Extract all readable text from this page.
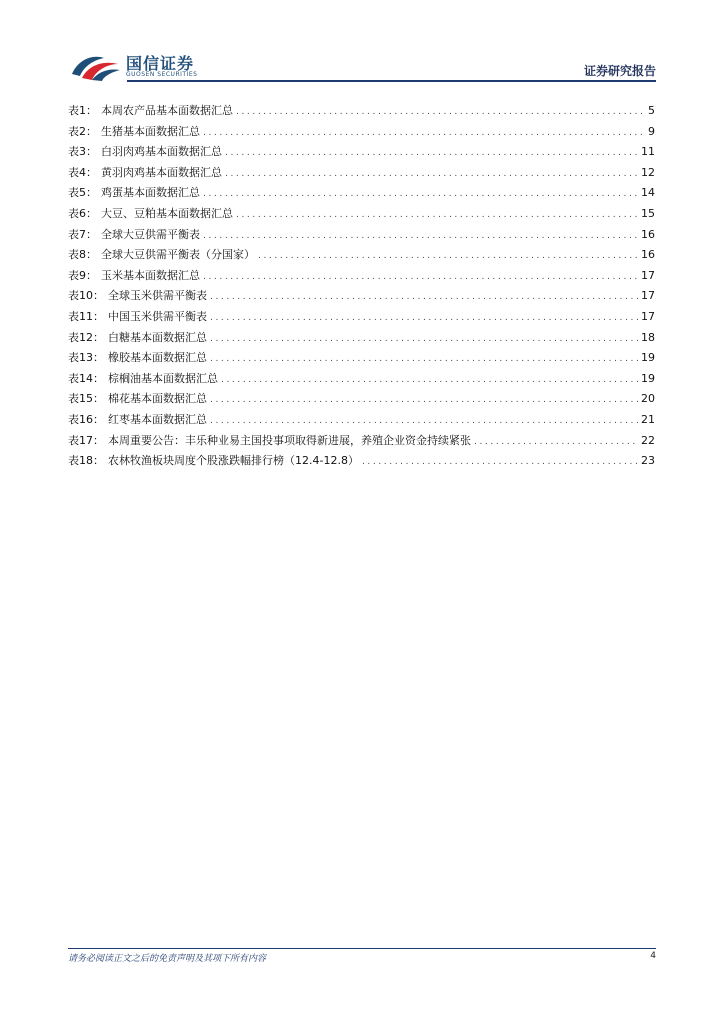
国信证券
GUOSEN SECURITIES	证券研究报告
表1： 本周农产品基本面数据汇总 .....	5
表2： 生猪基本面数据汇总 .....	9
表3： 白羽肉鸡基本面数据汇总 .....	11
表4： 黄羽肉鸡基本面数据汇总 .....	12
表5： 鸡蛋基本面数据汇总 .....	14
表6： 大豆、豆粕基本面数据汇总 .....	15
表7： 全球大豆供需平衡表 .....	16
表8： 全球大豆供需平衡表（分国家） .....	16
表9： 玉米基本面数据汇总 .....	17
表10： 全球玉米供需平衡表 .....	17
表11： 中国玉米供需平衡表 .....	17
表12： 白糖基本面数据汇总 .....	18
表13： 橡胶基本面数据汇总 .....	19
表14： 棕榈油基本面数据汇总 .....	19
表15： 棉花基本面数据汇总 .....	20
表16： 红枣基本面数据汇总 .....	21
表17： 本周重要公告：丰乐种业易主国投事项取得新进展，养殖企业资金持续紧张 .....	22
表18： 农林牧渔板块周度个股涨跌幅排行榜（12.4-12.8） .....	23
请务必阅读正文之后的免责声明及其项下所有内容	4
